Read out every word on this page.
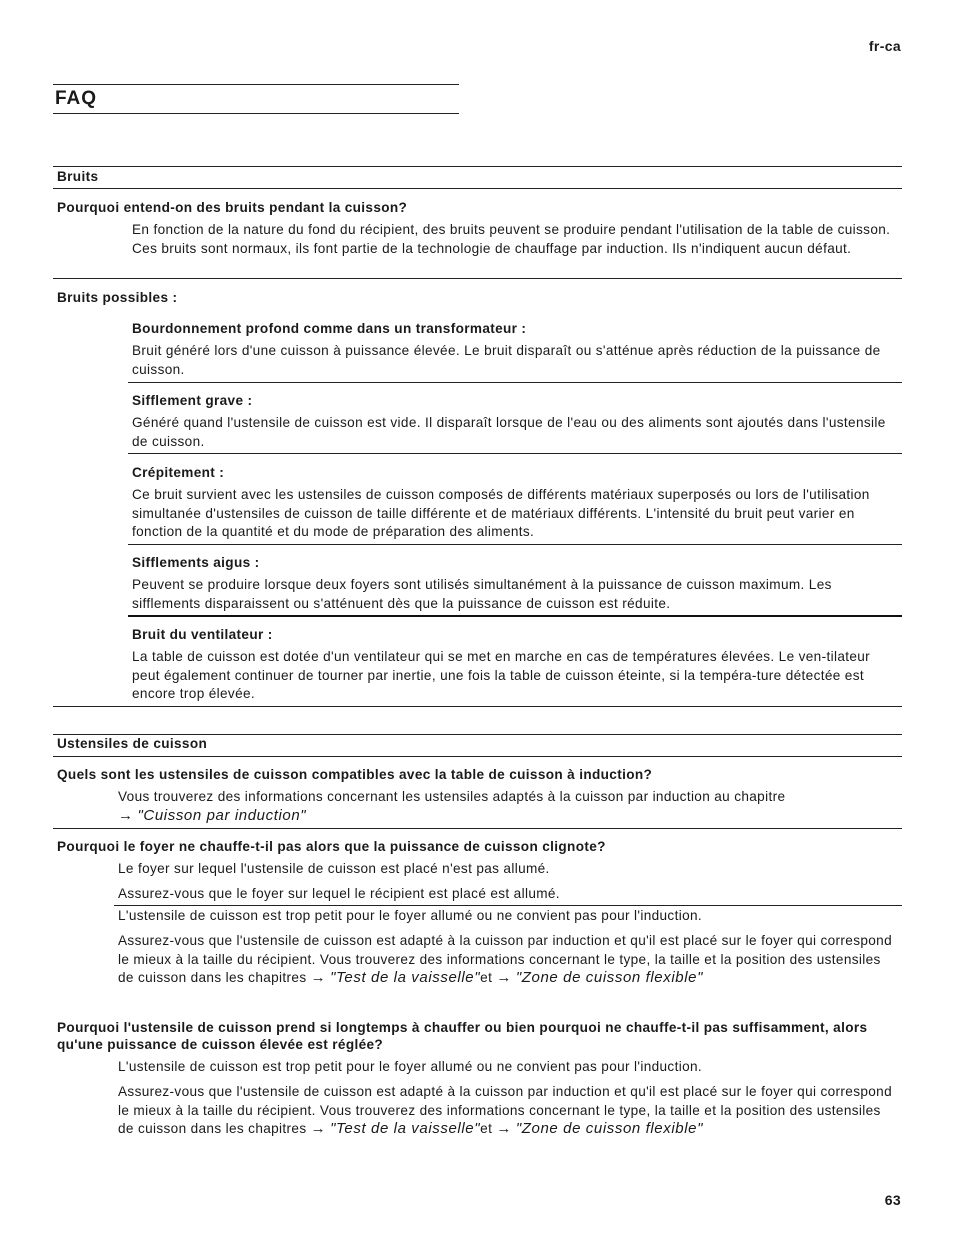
fr-ca
FAQ
Bruits
Pourquoi entend-on des bruits pendant la cuisson?
En fonction de la nature du fond du récipient, des bruits peuvent se produire pendant l'utilisation de la table de cuisson. Ces bruits sont normaux, ils font partie de la technologie de chauffage par induction. Ils n'indiquent aucun défaut.
Bruits possibles :
Bourdonnement profond comme dans un transformateur :
Bruit généré lors d'une cuisson à puissance élevée. Le bruit disparaît ou s'atténue après réduction de la puissance de cuisson.
Sifflement grave :
Généré quand l'ustensile de cuisson est vide. Il disparaît lorsque de l'eau ou des aliments sont ajoutés dans l'ustensile de cuisson.
Crépitement :
Ce bruit survient avec les ustensiles de cuisson composés de différents matériaux superposés ou lors de l'utilisation simultanée d'ustensiles de cuisson de taille différente et de matériaux différents. L'intensité du bruit peut varier en fonction de la quantité et du mode de préparation des aliments.
Sifflements aigus :
Peuvent se produire lorsque deux foyers sont utilisés simultanément à la puissance de cuisson maximum. Les sifflements disparaissent ou s'atténuent dès que la puissance de cuisson est réduite.
Bruit du ventilateur :
La table de cuisson est dotée d'un ventilateur qui se met en marche en cas de températures élevées. Le ven-tilateur peut également continuer de tourner par inertie, une fois la table de cuisson éteinte, si la tempéra-ture détectée est encore trop élevée.
Ustensiles de cuisson
Quels sont les ustensiles de cuisson compatibles avec la table de cuisson à induction?
Vous trouverez des informations concernant les ustensiles adaptés à la cuisson par induction au chapitre
→ "Cuisson par induction"
Pourquoi le foyer ne chauffe-t-il pas alors que la puissance de cuisson clignote?
Le foyer sur lequel l'ustensile de cuisson est placé n'est pas allumé.
Assurez-vous que le foyer sur lequel le récipient est placé est allumé.
L'ustensile de cuisson est trop petit pour le foyer allumé ou ne convient pas pour l'induction.
Assurez-vous que l'ustensile de cuisson est adapté à la cuisson par induction et qu'il est placé sur le foyer qui correspond le mieux à la taille du récipient. Vous trouverez des informations concernant le type, la taille et la position des ustensiles de cuisson dans les chapitres → "Test de la vaisselle"et → "Zone de cuisson flexible"
Pourquoi l'ustensile de cuisson prend si longtemps à chauffer ou bien pourquoi ne chauffe-t-il pas suffisamment, alors qu'une puissance de cuisson élevée est réglée?
L'ustensile de cuisson est trop petit pour le foyer allumé ou ne convient pas pour l'induction.
Assurez-vous que l'ustensile de cuisson est adapté à la cuisson par induction et qu'il est placé sur le foyer qui correspond le mieux à la taille du récipient. Vous trouverez des informations concernant le type, la taille et la position des ustensiles de cuisson dans les chapitres → "Test de la vaisselle"et → "Zone de cuisson flexible"
63
